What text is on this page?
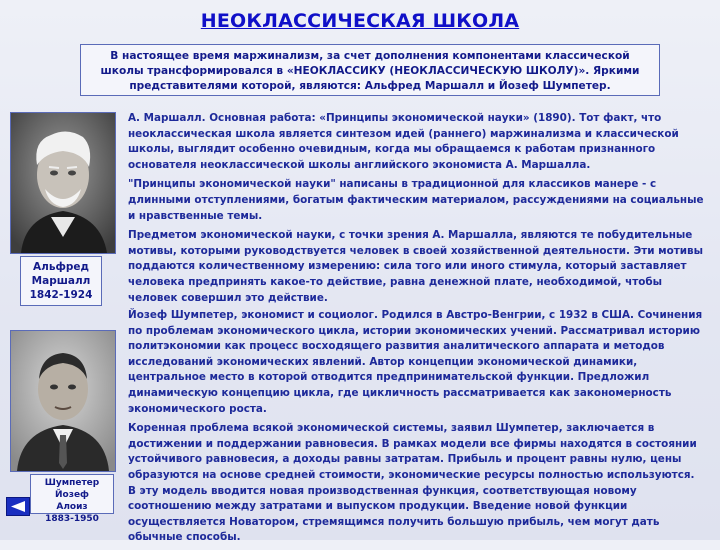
НЕОКЛАССИЧЕСКАЯ ШКОЛА
В настоящее время маржинализм, за счет дополнения компонентами классической школы трансформировался в «НЕОКЛАССИКУ (НЕОКЛАССИЧЕСКУЮ ШКОЛУ)». Яркими представителями которой, являются: Альфред Маршалл и Йозеф Шумпетер.
Альфред
Маршалл
1842-1924
Шумпетер Йозеф
Алоиз
1883-1950

А. Маршалл. Основная работа: «Принципы экономической науки» (1890). Тот факт, что неоклассическая школа является синтезом идей (раннего) маржинализма и классической школы, выглядит особенно очевидным, когда мы обращаемся к работам признанного основателя неоклассической школы английского экономиста А. Маршалла.

"Принципы экономической науки" написаны в традиционной для классиков манере - с длинными отступлениями, богатым фактическим материалом, рассуждениями на социальные и нравственные темы.

Предметом экономической науки, с точки зрения А. Маршалла, являются те побудительные мотивы, которыми руководствуется человек в своей хозяйственной деятельности. Эти мотивы поддаются количественному измерению: сила того или иного стимула, который заставляет человека предпринять какое-то действие, равна денежной плате, необходимой, чтобы человек совершил это действие.

Йозеф Шумпетер, экономист и социолог. Родился в Австро-Венгрии, с 1932 в США. Сочинения по проблемам экономического цикла, истории экономических учений. Рассматривал историю политэкономии как процесс восходящего развития аналитического аппарата и методов исследований экономических явлений. Автор концепции экономической динамики, центральное место в которой отводится предпринимательской функции. Предложил динамическую концепцию цикла, где цикличность рассматривается как закономерность экономического роста.

Коренная проблема всякой экономической системы, заявил Шумпетер, заключается в достижении и поддержании равновесия. В рамках модели все фирмы находятся в состоянии устойчивого равновесия, а доходы равны затратам. Прибыль и процент равны нулю, цены образуются на основе средней стоимости, экономические ресурсы полностью используются. В эту модель вводится новая производственная функция, соответствующая новому соотношению между затратами и выпуском продукции. Введение новой функции осуществляется Новатором, стремящимся получить большую прибыль, чем могут дать обычные способы.
